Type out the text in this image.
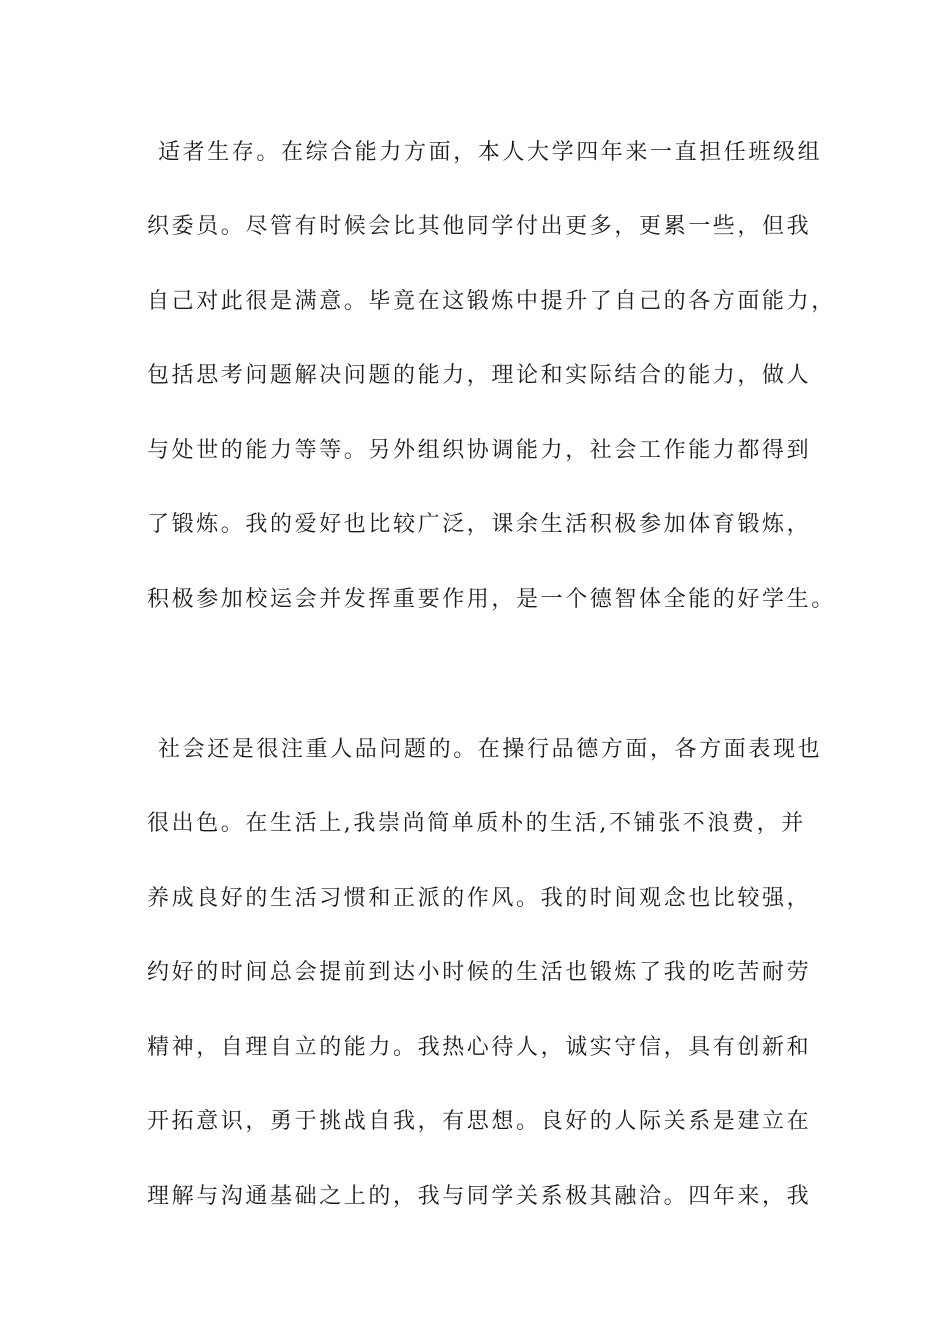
适者生存。在综合能力方面，本人大学四年来一直担任班级组
织委员。尽管有时候会比其他同学付出更多，更累一些，但我
自己对此很是满意。毕竟在这锻炼中提升了自己的各方面能力，
包括思考问题解决问题的能力，理论和实际结合的能力，做人
与处世的能力等等。另外组织协调能力，社会工作能力都得到
了锻炼。我的爱好也比较广泛，课余生活积极参加体育锻炼，
积极参加校运会并发挥重要作用，是一个德智体全能的好学生。
社会还是很注重人品问题的。在操行品德方面，各方面表现也
很出色。在生活上,我崇尚简单质朴的生活,不铺张不浪费，并
养成良好的生活习惯和正派的作风。我的时间观念也比较强，
约好的时间总会提前到达小时候的生活也锻炼了我的吃苦耐劳
精神，自理自立的能力。我热心待人，诚实守信，具有创新和
开拓意识，勇于挑战自我，有思想。良好的人际关系是建立在
理解与沟通基础之上的，我与同学关系极其融洽。四年来，我
